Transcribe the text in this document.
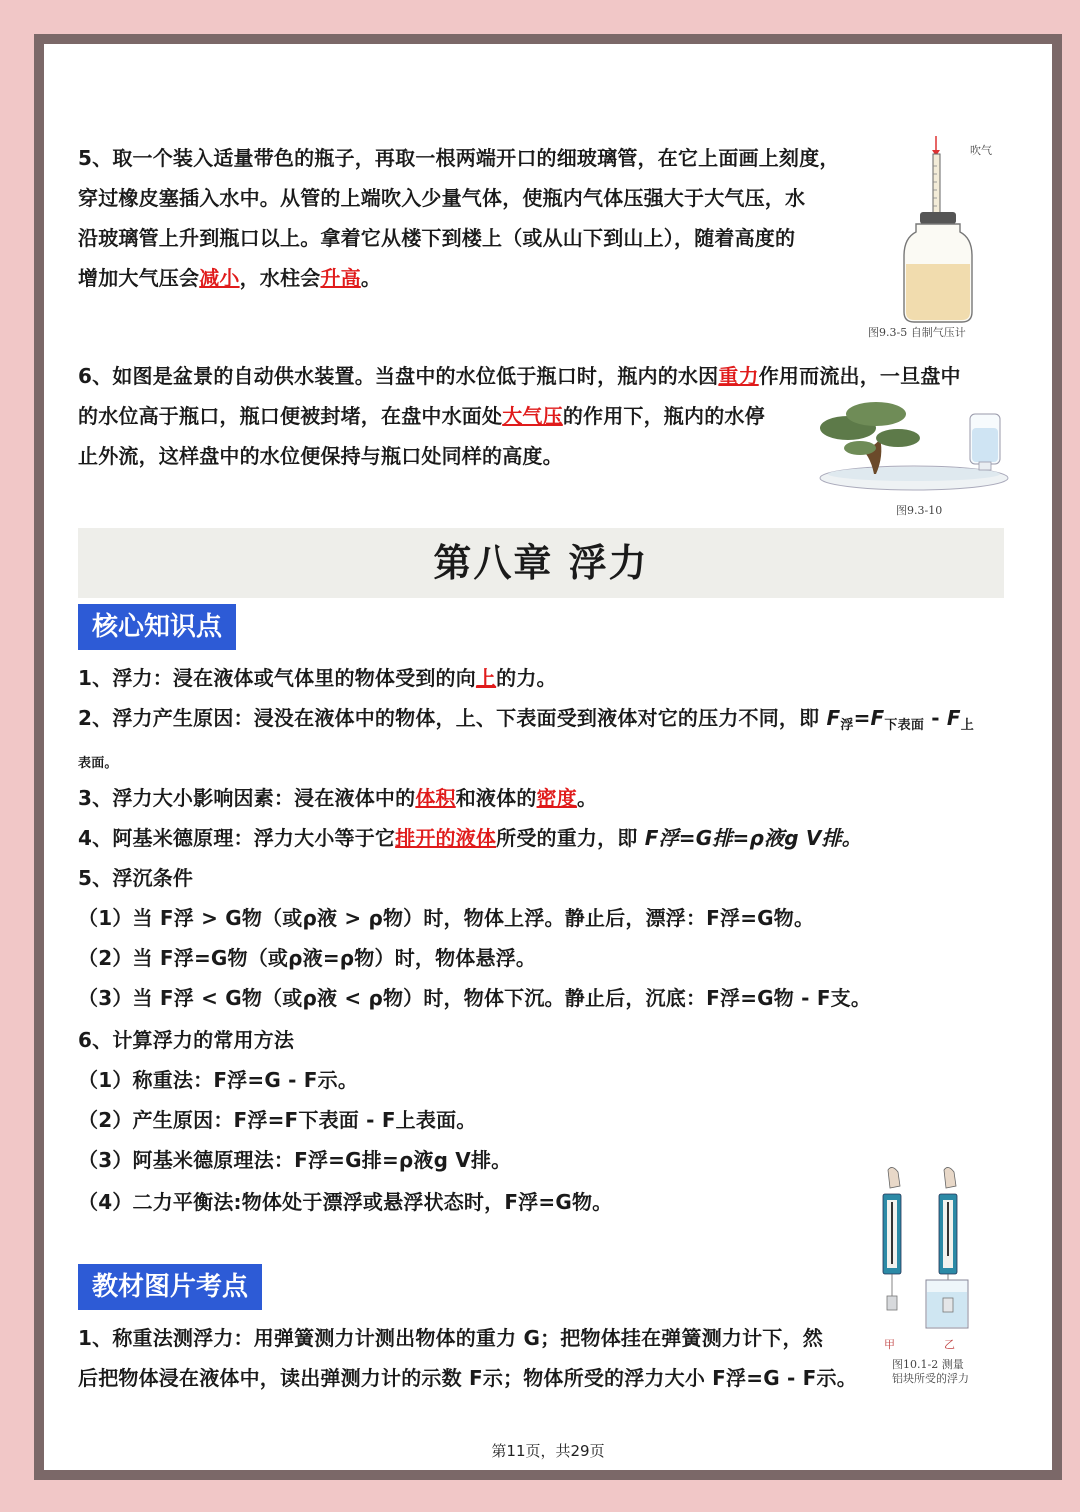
5、取一个装入适量带色的瓶子，再取一根两端开口的细玻璃管，在它上面画上刻度，
穿过橡皮塞插入水中。从管的上端吹入少量气体，使瓶内气体压强大于大气压，水
沿玻璃管上升到瓶口以上。拿着它从楼下到楼上（或从山下到山上），随着高度的
增加大气压会减小，水柱会升高。
吹气
图9.3-5 自制气压计
6、如图是盆景的自动供水装置。当盘中的水位低于瓶口时，瓶内的水因重力作用而流出，一旦盘中
的水位高于瓶口，瓶口便被封堵，在盘中水面处大气压的作用下，瓶内的水停
止外流，这样盘中的水位便保持与瓶口处同样的高度。
图9.3-10
第八章 浮力
核心知识点
1、浮力：浸在液体或气体里的物体受到的向上的力。
2、浮力产生原因：浸没在液体中的物体，上、下表面受到液体对它的压力不同，即 $F_浮=F_{下表面} - F_上$
表面。
3、浮力大小影响因素：浸在液体中的体积和液体的密度。
4、阿基米德原理：浮力大小等于它排开的液体所受的重力，即 F浮=G排=ρ液g V排。
5、浮沉条件
（1）当 F浮 > G物（或ρ液 > ρ物）时，物体上浮。静止后，漂浮：F浮=G物。
（2）当 F浮=G物（或ρ液=ρ物）时，物体悬浮。
（3）当 F浮 < G物（或ρ液 < ρ物）时，物体下沉。静止后，沉底：F浮=G物 - F支。
6、计算浮力的常用方法
（1）称重法：F浮=G - F示。
（2）产生原因：F浮=F下表面 - F上表面。
（3）阿基米德原理法：F浮=G排=ρ液g V排。
（4）二力平衡法:物体处于漂浮或悬浮状态时，F浮=G物。
教材图片考点
1、称重法测浮力：用弹簧测力计测出物体的重力 G；把物体挂在弹簧测力计下，然
后把物体浸在液体中，读出弹测力计的示数 F示；物体所受的浮力大小 F浮=G - F示。
甲	乙
图10.1-2 测量
铝块所受的浮力
第11页，共29页
